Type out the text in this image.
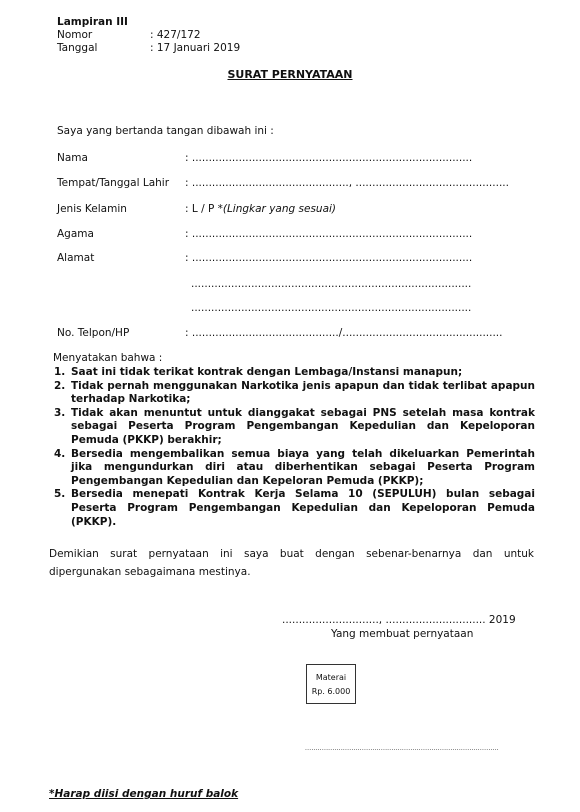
Lampiran III
Nomor	: 427/172
Tanggal	: 17 Januari 2019
SURAT PERNYATAAN
Saya yang bertanda tangan dibawah ini :
Nama	: ....................................................................................
Tempat/Tanggal Lahir : ..............................................., ..............................................
Jenis Kelamin	: L / P *(Lingkar yang sesuai)
Agama	: ....................................................................................
Alamat	: ....................................................................................
....................................................................................
....................................................................................
No. Telpon/HP	: ............................................/................................................
Menyatakan bahwa :
1. Saat ini tidak terikat kontrak dengan Lembaga/Instansi manapun;
2. Tidak pernah menggunakan Narkotika jenis apapun dan tidak terlibat apapun terhadap Narkotika;
3. Tidak akan menuntut untuk dianggakat sebagai PNS setelah masa kontrak sebagai Peserta Program Pengembangan Kepedulian dan Kepeloporan Pemuda (PKKP) berakhir;
4. Bersedia mengembalikan semua biaya yang telah dikeluarkan Pemerintah jika mengundurkan diri atau diberhentikan sebagai Peserta Program Pengembangan Kepedulian dan Kepeloran Pemuda (PKKP);
5. Bersedia menepati Kontrak Kerja Selama 10 (SEPULUH) bulan sebagai Peserta Program Pengembangan Kepedulian dan Kepeloporan Pemuda (PKKP).
Demikian surat pernyataan ini saya buat dengan sebenar-benarnya dan untuk dipergunakan sebagaimana mestinya.
............................., .............................. 2019
Yang membuat pernyataan
Materai
Rp. 6.000
............................................................................................
*Harap diisi dengan huruf balok
